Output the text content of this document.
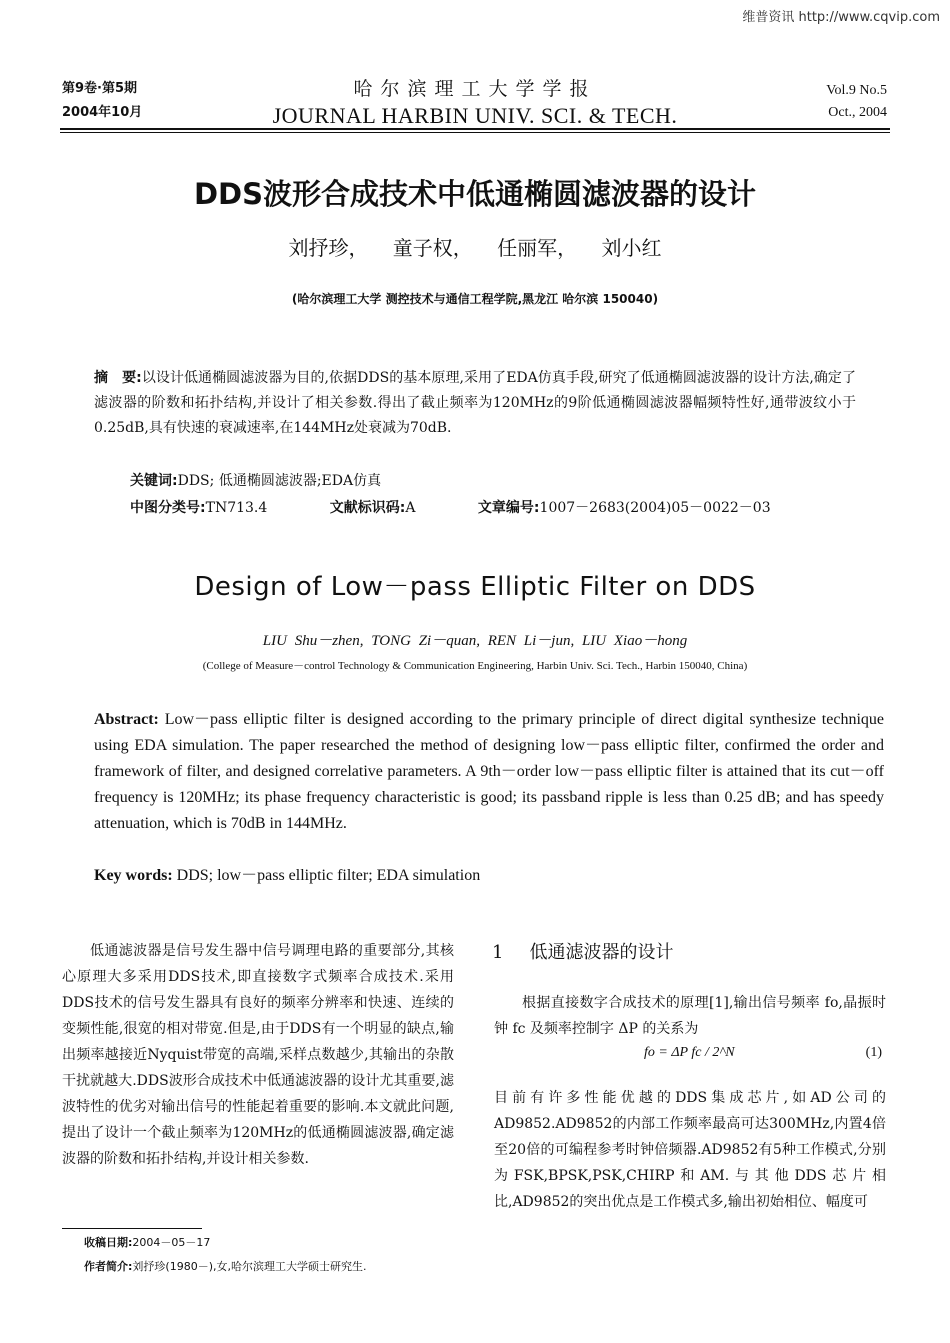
维普资讯 http://www.cqvip.com
第9卷·第5期
2004年10月
哈尔滨理工大学学报
JOURNAL HARBIN UNIV. SCI. & TECH.
Vol.9 No.5
Oct., 2004
DDS波形合成技术中低通椭圆滤波器的设计
刘抒珍， 童子权， 任丽军， 刘小红
(哈尔滨理工大学 测控技术与通信工程学院,黑龙江 哈尔滨 150040)
摘　要:以设计低通椭圆滤波器为目的,依据DDS的基本原理,采用了EDA仿真手段,研究了低通椭圆滤波器的设计方法,确定了滤波器的阶数和拓扑结构,并设计了相关参数.得出了截止频率为120MHz的9阶低通椭圆滤波器幅频特性好,通带波纹小于0.25dB,具有快速的衰减速率,在144MHz处衰减为70dB.
关键词:DDS; 低通椭圆滤波器;EDA仿真
中图分类号:TN713.4	文献标识码:A	文章编号:1007－2683(2004)05－0022－03
Design of Low－pass Elliptic Filter on DDS
LIU Shu－zhen, TONG Zi－quan, REN Li－jun, LIU Xiao－hong
(College of Measure－control Technology & Communication Engineering, Harbin Univ. Sci. Tech., Harbin 150040, China)
Abstract: Low－pass elliptic filter is designed according to the primary principle of direct digital synthesize technique using EDA simulation. The paper researched the method of designing low－pass elliptic filter, confirmed the order and framework of filter, and designed correlative parameters. A 9th－order low－pass elliptic filter is attained that its cut－off frequency is 120MHz; its phase frequency characteristic is good; its passband ripple is less than 0.25 dB; and has speedy attenuation, which is 70dB in 144MHz.
Key words: DDS; low－pass elliptic filter; EDA simulation

低通滤波器是信号发生器中信号调理电路的重要部分,其核心原理大多采用DDS技术,即直接数字式频率合成技术.采用DDS技术的信号发生器具有良好的频率分辨率和快速、连续的变频性能,很宽的相对带宽.但是,由于DDS有一个明显的缺点,输出频率越接近Nyquist带宽的高端,采样点数越少,其输出的杂散干扰就越大.DDS波形合成技术中低通滤波器的设计尤其重要,滤波特性的优劣对输出信号的性能起着重要的影响.本文就此问题,提出了设计一个截止频率为120MHz的低通椭圆滤波器,确定滤波器的阶数和拓扑结构,并设计相关参数.

1 低通滤波器的设计

根据直接数字合成技术的原理[1],输出信号频率 fo,晶振时钟 fc 及频率控制字 ΔP 的关系为

fo = ΔP fc / 2^N	(1)

目前有许多性能优越的DDS集成芯片,如AD公司的AD9852.AD9852的内部工作频率最高可达300MHz,内置4倍至20倍的可编程参考时钟倍频器.AD9852有5种工作模式,分别为FSK,BPSK,PSK,CHIRP和AM.与其他DDS芯片相比,AD9852的突出优点是工作模式多,输出初始相位、幅度可

收稿日期:2004－05－17
作者简介:刘抒珍(1980－),女,哈尔滨理工大学硕士研究生.
